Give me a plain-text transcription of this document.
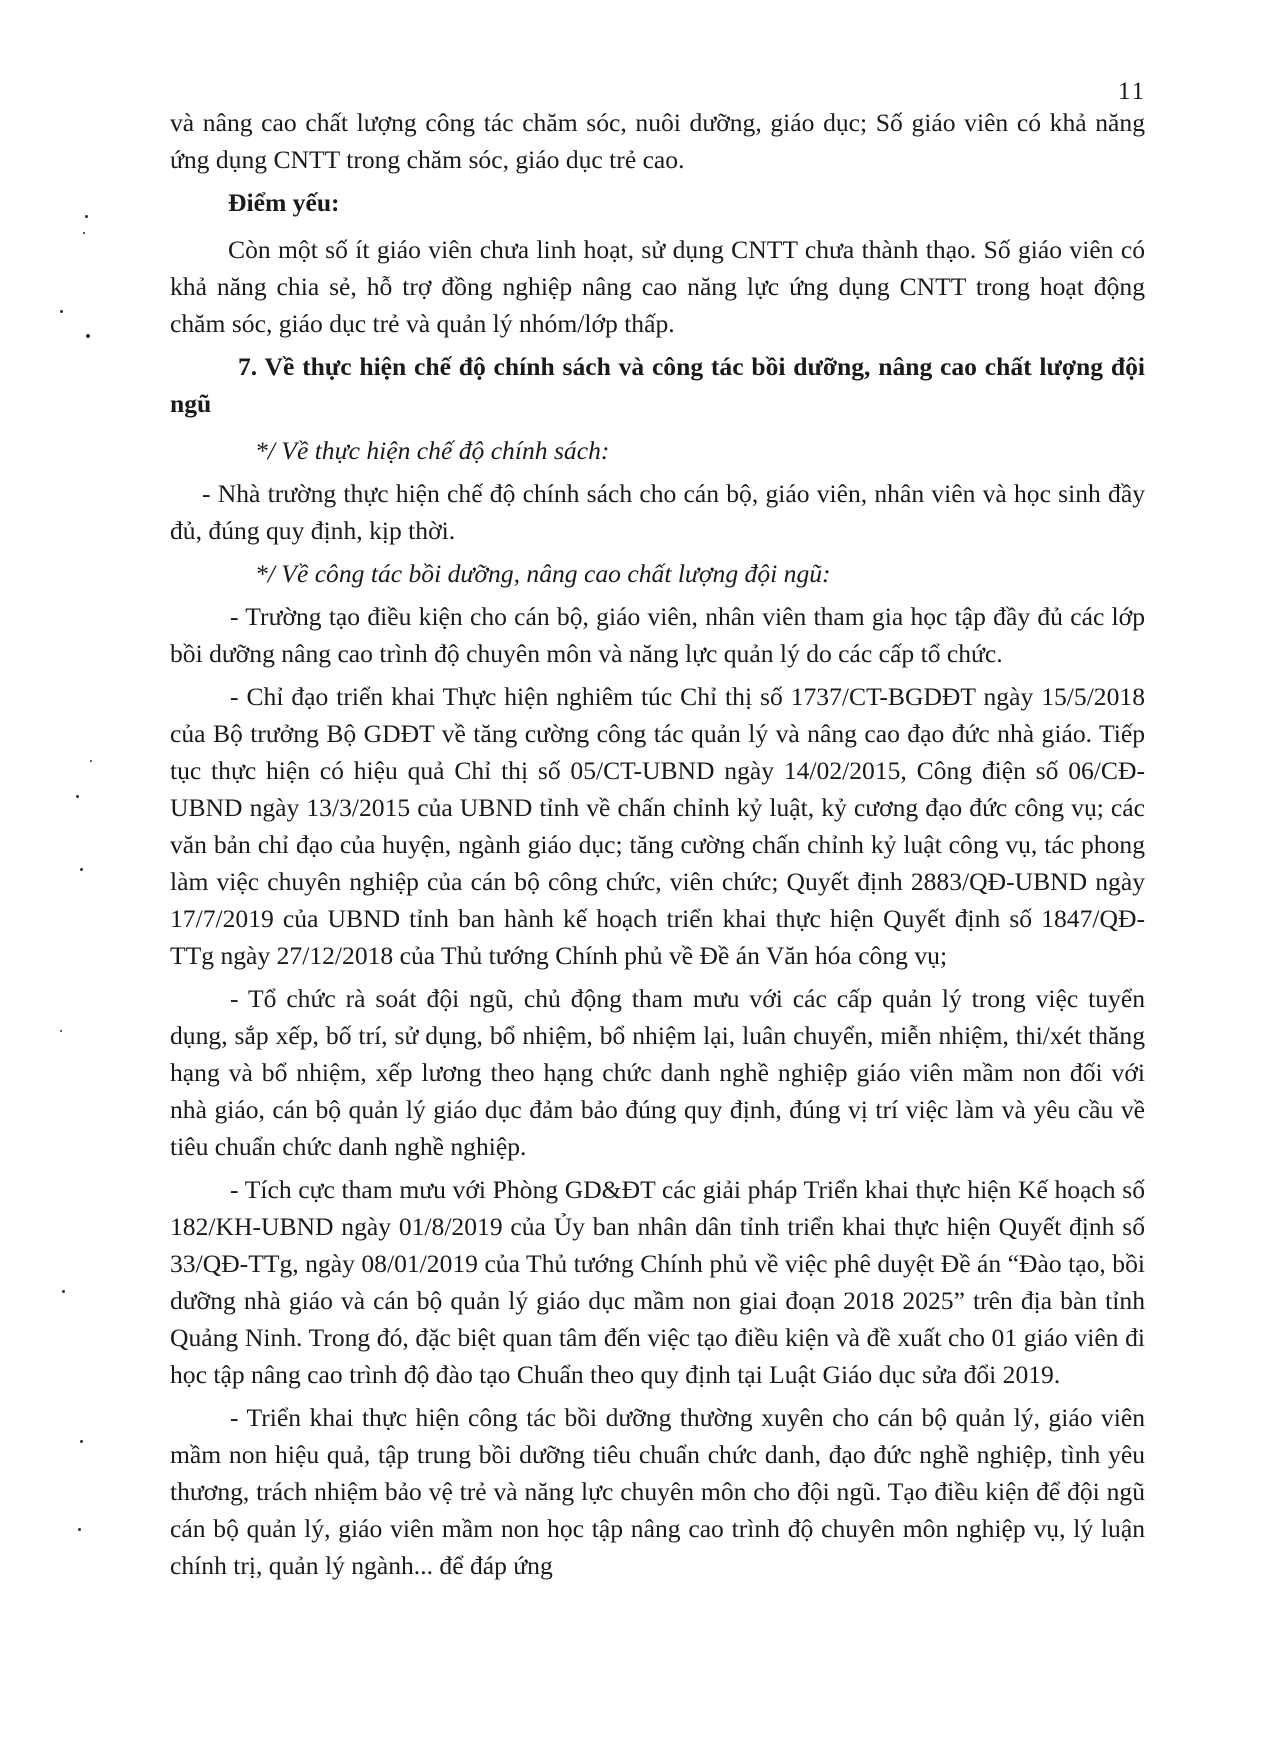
11

và nâng cao chất lượng công tác chăm sóc, nuôi dưỡng, giáo dục; Số giáo viên có khả năng ứng dụng CNTT trong chăm sóc, giáo dục trẻ cao.

Điểm yếu:

Còn một số ít giáo viên chưa linh hoạt, sử dụng CNTT chưa thành thạo. Số giáo viên có khả năng chia sẻ, hỗ trợ đồng nghiệp nâng cao năng lực ứng dụng CNTT trong hoạt động chăm sóc, giáo dục trẻ và quản lý nhóm/lớp thấp.

7. Về thực hiện chế độ chính sách và công tác bồi dưỡng, nâng cao chất lượng đội ngũ

*/ Về thực hiện chế độ chính sách:

- Nhà trường thực hiện chế độ chính sách cho cán bộ, giáo viên, nhân viên và học sinh đầy đủ, đúng quy định, kịp thời.

*/ Về công tác bồi dưỡng, nâng cao chất lượng đội ngũ:

- Trường tạo điều kiện cho cán bộ, giáo viên, nhân viên tham gia học tập đầy đủ các lớp bồi dưỡng nâng cao trình độ chuyên môn và năng lực quản lý do các cấp tổ chức.

- Chỉ đạo triển khai Thực hiện nghiêm túc Chỉ thị số 1737/CT-BGDĐT ngày 15/5/2018 của Bộ trưởng Bộ GDĐT về tăng cường công tác quản lý và nâng cao đạo đức nhà giáo. Tiếp tục thực hiện có hiệu quả Chỉ thị số 05/CT-UBND ngày 14/02/2015, Công điện số 06/CĐ-UBND ngày 13/3/2015 của UBND tỉnh về chấn chỉnh kỷ luật, kỷ cương đạo đức công vụ; các văn bản chỉ đạo của huyện, ngành giáo dục; tăng cường chấn chỉnh kỷ luật công vụ, tác phong làm việc chuyên nghiệp của cán bộ công chức, viên chức; Quyết định 2883/QĐ-UBND ngày 17/7/2019 của UBND tỉnh ban hành kế hoạch triển khai thực hiện Quyết định số 1847/QĐ-TTg ngày 27/12/2018 của Thủ tướng Chính phủ về Đề án Văn hóa công vụ;

- Tổ chức rà soát đội ngũ, chủ động tham mưu với các cấp quản lý trong việc tuyển dụng, sắp xếp, bố trí, sử dụng, bổ nhiệm, bổ nhiệm lại, luân chuyển, miễn nhiệm, thi/xét thăng hạng và bổ nhiệm, xếp lương theo hạng chức danh nghề nghiệp giáo viên mầm non đối với nhà giáo, cán bộ quản lý giáo dục đảm bảo đúng quy định, đúng vị trí việc làm và yêu cầu về tiêu chuẩn chức danh nghề nghiệp.

- Tích cực tham mưu với Phòng GD&ĐT các giải pháp Triển khai thực hiện Kế hoạch số 182/KH-UBND ngày 01/8/2019 của Ủy ban nhân dân tỉnh triển khai thực hiện Quyết định số 33/QĐ-TTg, ngày 08/01/2019 của Thủ tướng Chính phủ về việc phê duyệt Đề án “Đào tạo, bồi dưỡng nhà giáo và cán bộ quản lý giáo dục mầm non giai đoạn 2018 2025” trên địa bàn tỉnh Quảng Ninh. Trong đó, đặc biệt quan tâm đến việc tạo điều kiện và đề xuất cho 01 giáo viên đi học tập nâng cao trình độ đào tạo Chuẩn theo quy định tại Luật Giáo dục sửa đổi 2019.

- Triển khai thực hiện công tác bồi dưỡng thường xuyên cho cán bộ quản lý, giáo viên mầm non hiệu quả, tập trung bồi dưỡng tiêu chuẩn chức danh, đạo đức nghề nghiệp, tình yêu thương, trách nhiệm bảo vệ trẻ và năng lực chuyên môn cho đội ngũ. Tạo điều kiện để đội ngũ cán bộ quản lý, giáo viên mầm non học tập nâng cao trình độ chuyên môn nghiệp vụ, lý luận chính trị, quản lý ngành... để đáp ứng
